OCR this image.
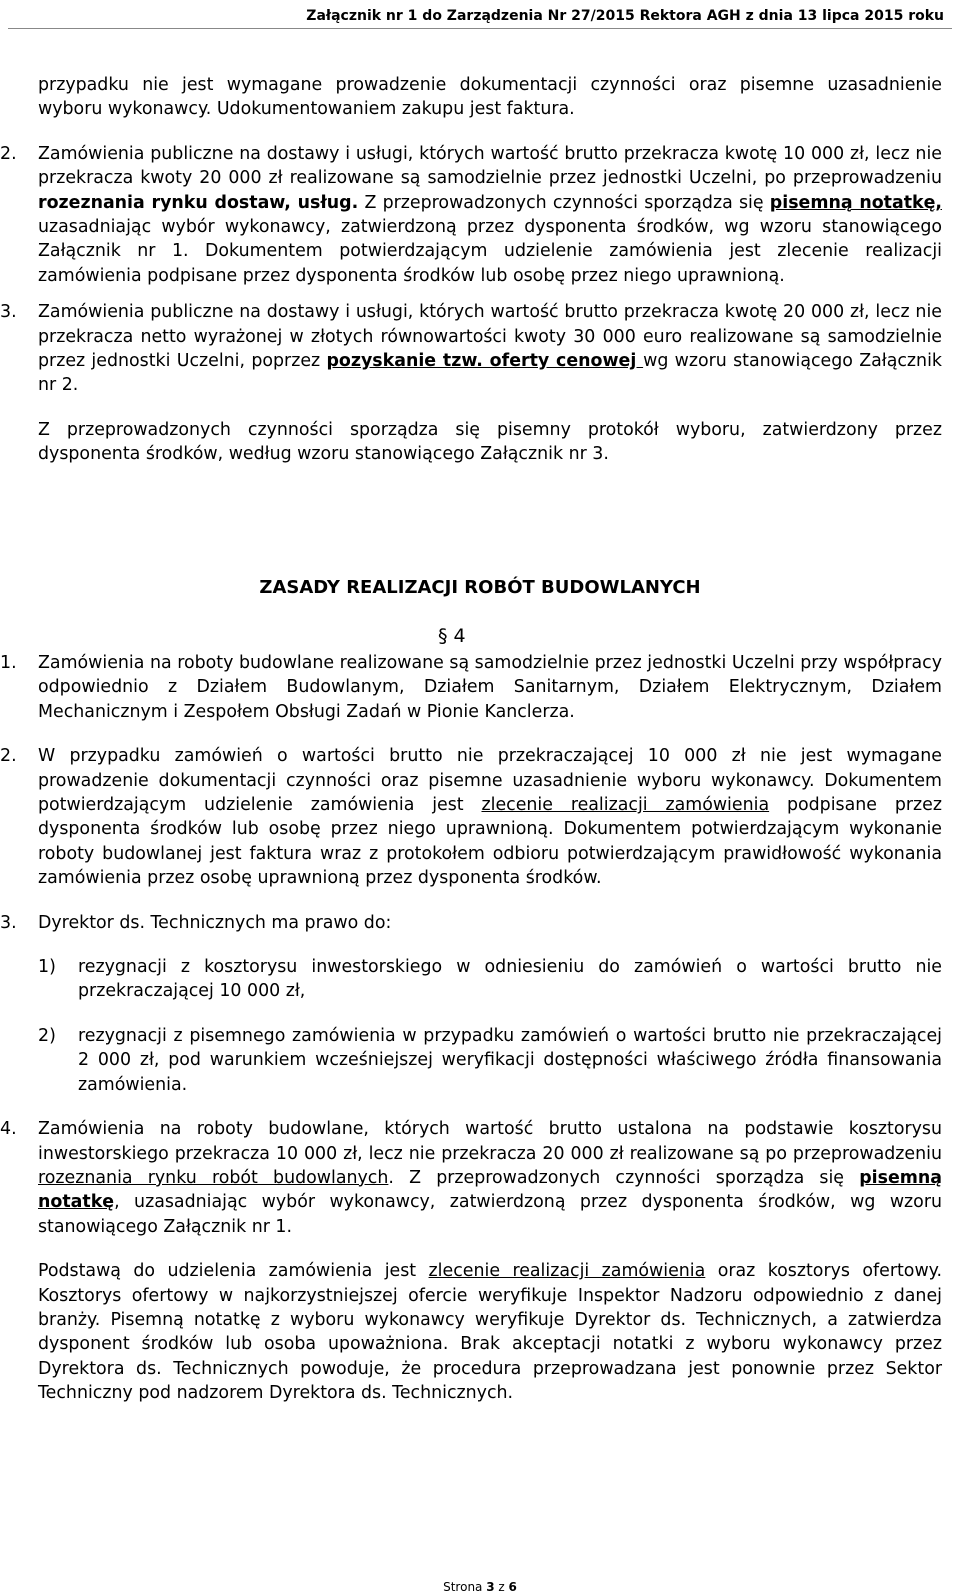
Załącznik nr 1 do Zarządzenia Nr 27/2015 Rektora AGH z dnia 13 lipca 2015 roku

przypadku nie jest wymagane prowadzenie dokumentacji czynności oraz pisemne uzasadnienie wyboru wykonawcy. Udokumentowaniem zakupu jest faktura.

2. Zamówienia publiczne na dostawy i usługi, których wartość brutto przekracza kwotę 10 000 zł, lecz nie przekracza kwoty 20 000 zł realizowane są samodzielnie przez jednostki Uczelni, po przeprowadzeniu rozeznania rynku dostaw, usług. Z przeprowadzonych czynności sporządza się pisemną notatkę, uzasadniając wybór wykonawcy, zatwierdzoną przez dysponenta środków, wg wzoru stanowiącego Załącznik nr 1. Dokumentem potwierdzającym udzielenie zamówienia jest zlecenie realizacji zamówienia podpisane przez dysponenta środków lub osobę przez niego uprawnioną.

3. Zamówienia publiczne na dostawy i usługi, których wartość brutto przekracza kwotę 20 000 zł, lecz nie przekracza netto wyrażonej w złotych równowartości kwoty 30 000 euro realizowane są samodzielnie przez jednostki Uczelni, poprzez pozyskanie tzw. oferty cenowej wg wzoru stanowiącego Załącznik nr 2.

Z przeprowadzonych czynności sporządza się pisemny protokół wyboru, zatwierdzony przez dysponenta środków, według wzoru stanowiącego Załącznik nr 3.

ZASADY REALIZACJI ROBÓT BUDOWLANYCH
§ 4
1. Zamówienia na roboty budowlane realizowane są samodzielnie przez jednostki Uczelni przy współpracy odpowiednio z Działem Budowlanym, Działem Sanitarnym, Działem Elektrycznym, Działem Mechanicznym i Zespołem Obsługi Zadań w Pionie Kanclerza.

2. W przypadku zamówień o wartości brutto nie przekraczającej 10 000 zł nie jest wymagane prowadzenie dokumentacji czynności oraz pisemne uzasadnienie wyboru wykonawcy. Dokumentem potwierdzającym udzielenie zamówienia jest zlecenie realizacji zamówienia podpisane przez dysponenta środków lub osobę przez niego uprawnioną. Dokumentem potwierdzającym wykonanie roboty budowlanej jest faktura wraz z protokołem odbioru potwierdzającym prawidłowość wykonania zamówienia przez osobę uprawnioną przez dysponenta środków.

3. Dyrektor ds. Technicznych ma prawo do:

1) rezygnacji z kosztorysu inwestorskiego w odniesieniu do zamówień o wartości brutto nie przekraczającej 10 000 zł,

2) rezygnacji z pisemnego zamówienia w przypadku zamówień o wartości brutto nie przekraczającej 2 000 zł, pod warunkiem wcześniejszej weryfikacji dostępności właściwego źródła finansowania zamówienia.

4. Zamówienia na roboty budowlane, których wartość brutto ustalona na podstawie kosztorysu inwestorskiego przekracza 10 000 zł, lecz nie przekracza 20 000 zł realizowane są po przeprowadzeniu rozeznania rynku robót budowlanych. Z przeprowadzonych czynności sporządza się pisemną notatkę, uzasadniając wybór wykonawcy, zatwierdzoną przez dysponenta środków, wg wzoru stanowiącego Załącznik nr 1.

Podstawą do udzielenia zamówienia jest zlecenie realizacji zamówienia oraz kosztorys ofertowy. Kosztorys ofertowy w najkorzystniejszej ofercie weryfikuje Inspektor Nadzoru odpowiednio z danej branży. Pisemną notatkę z wyboru wykonawcy weryfikuje Dyrektor ds. Technicznych, a zatwierdza dysponent środków lub osoba upoważniona. Brak akceptacji notatki z wyboru wykonawcy przez Dyrektora ds. Technicznych powoduje, że procedura przeprowadzana jest ponownie przez Sektor Techniczny pod nadzorem Dyrektora ds. Technicznych.

Strona 3 z 6
